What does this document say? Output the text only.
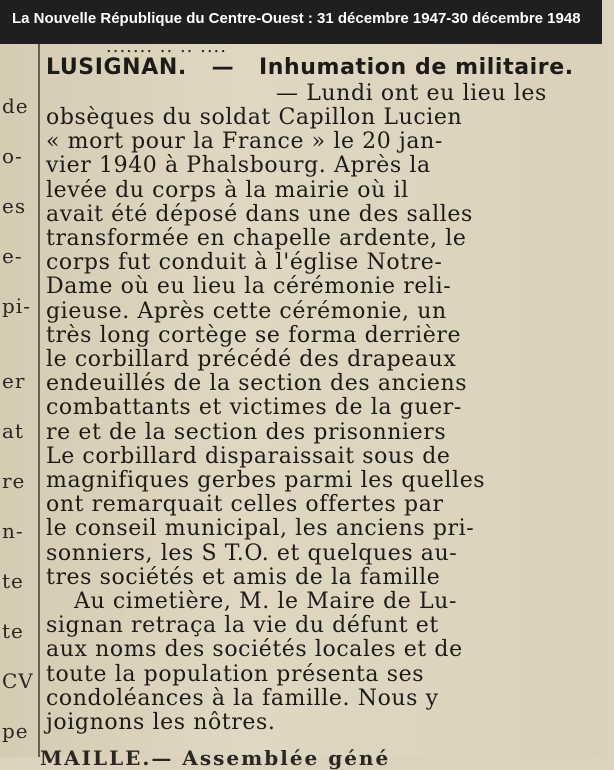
La Nouvelle République du Centre-Ouest : 31 décembre 1947-30 décembre 1948
de
o-
es
e-
pi-
er
at
re
n-
te
te
CV
pe
....... .. .. ....
LUSIGNAN. — Inhumation de militaire.
— Lundi ont eu lieu les
obsèques du soldat Capillon Lucien
« mort pour la France » le 20 jan-
vier 1940 à Phalsbourg. Après la
levée du corps à la mairie où il
avait été déposé dans une des salles
transformée en chapelle ardente, le
corps fut conduit à l'église Notre-
Dame où eu lieu la cérémonie reli-
gieuse. Après cette cérémonie, un
très long cortège se forma derrière
le corbillard précédé des drapeaux
endeuillés de la section des anciens
combattants et victimes de la guer-
re et de la section des prisonniers
Le corbillard disparaissait sous de
magnifiques gerbes parmi les quelles
ont remarquait celles offertes par
le conseil municipal, les anciens pri-
sonniers, les S T.O. et quelques au-
tres sociétés et amis de la famille
Au cimetière, M. le Maire de Lu-
signan retraça la vie du défunt et
aux noms des sociétés locales et de
toute la population présenta ses
condoléances à la famille. Nous y
joignons les nôtres.
MAILLE.— Assemblée géné
